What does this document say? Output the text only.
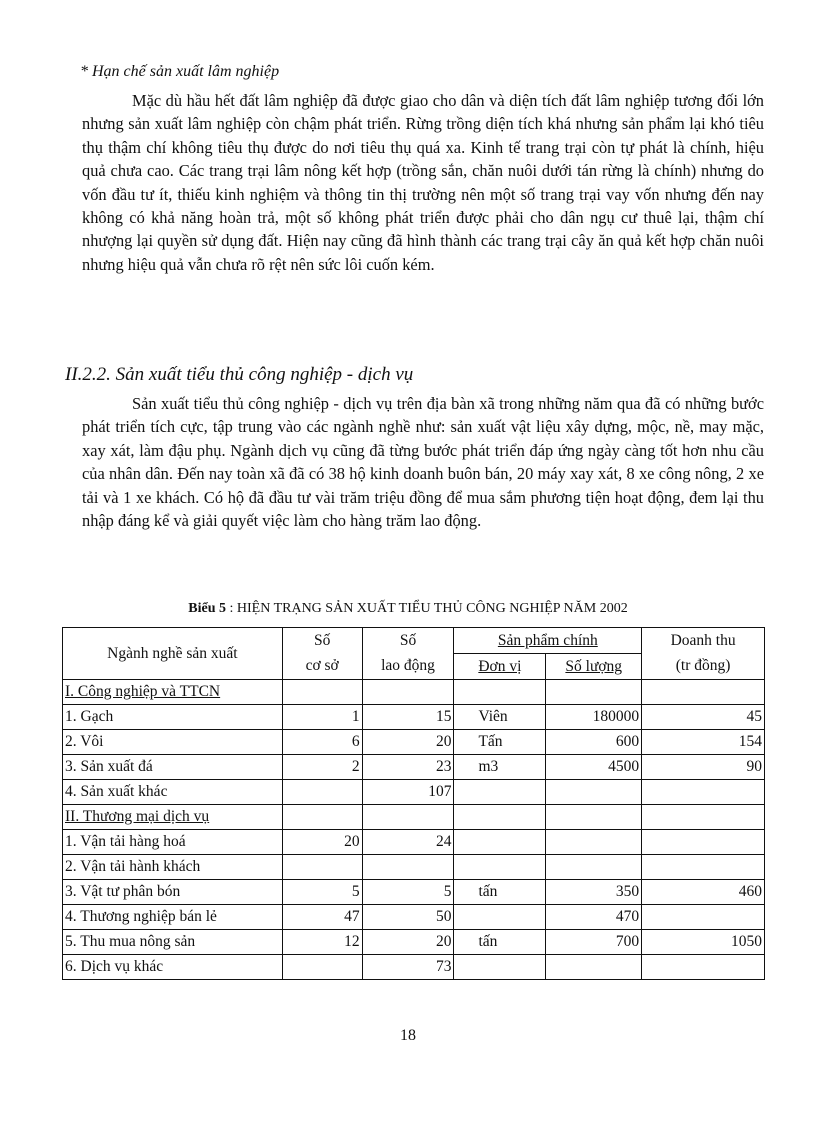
* Hạn chế sản xuất lâm nghiệp
Mặc dù hầu hết đất lâm nghiệp đã được giao cho dân và diện tích đất lâm nghiệp tương đối lớn nhưng sản xuất lâm nghiệp còn chậm phát triển. Rừng trồng diện tích khá nhưng sản phẩm lại khó tiêu thụ thậm chí không tiêu thụ được do nơi tiêu thụ quá xa. Kinh tế trang trại còn tự phát là chính, hiệu quả chưa cao. Các trang trại lâm nông kết hợp (trồng sắn, chăn nuôi dưới tán rừng là chính) nhưng do vốn đầu tư ít, thiếu kinh nghiệm và thông tin thị trường nên một số trang trại vay vốn nhưng đến nay không có khả năng hoàn trả, một số không phát triển được phải cho dân ngụ cư thuê lại, thậm chí nhượng lại quyền sử dụng đất. Hiện nay cũng đã hình thành các trang trại cây ăn quả kết hợp chăn nuôi nhưng hiệu quả vẫn chưa rõ rệt nên sức lôi cuốn kém.
II.2.2. Sản xuất tiểu thủ công nghiệp - dịch vụ
Sản xuất tiểu thủ công nghiệp - dịch vụ trên địa bàn xã trong những năm qua đã có những bước phát triển tích cực, tập trung vào các ngành nghề như: sản xuất vật liệu xây dựng, mộc, nề, may mặc, xay xát, làm đậu phụ. Ngành dịch vụ cũng đã từng bước phát triển đáp ứng ngày càng tốt hơn nhu cầu của nhân dân. Đến nay toàn xã đã có 38 hộ kinh doanh buôn bán, 20 máy xay xát, 8 xe công nông, 2 xe tải và 1 xe khách. Có hộ đã đầu tư vài trăm triệu đồng để mua sắm phương tiện hoạt động, đem lại thu nhập đáng kể và giải quyết việc làm cho hàng trăm lao động.
Biểu 5 : HIỆN TRẠNG SẢN XUẤT TIỂU THỦ CÔNG NGHIỆP NĂM 2002
Ngành nghề sản xuất	Số	Số	Sản phẩm chính		Doanh thu
	cơ sở	lao động	Đơn vị	Số lượng	(tr đồng)
I. Công nghiệp và TTCN					
1. Gạch	1	15	Viên	180000	45
2. Vôi	6	20	Tấn	600	154
3. Sản xuất đá	2	23	m3	4500	90
4. Sản xuất khác		107			
II. Thương mại dịch vụ					
1. Vận tải hàng hoá	20	24			
2. Vận tải hành khách					
3. Vật tư phân bón	5	5	tấn	350	460
4. Thương nghiệp bán lẻ	47	50		470	
5. Thu mua nông sản	12	20	tấn	700	1050
6. Dịch vụ khác		73			
18
